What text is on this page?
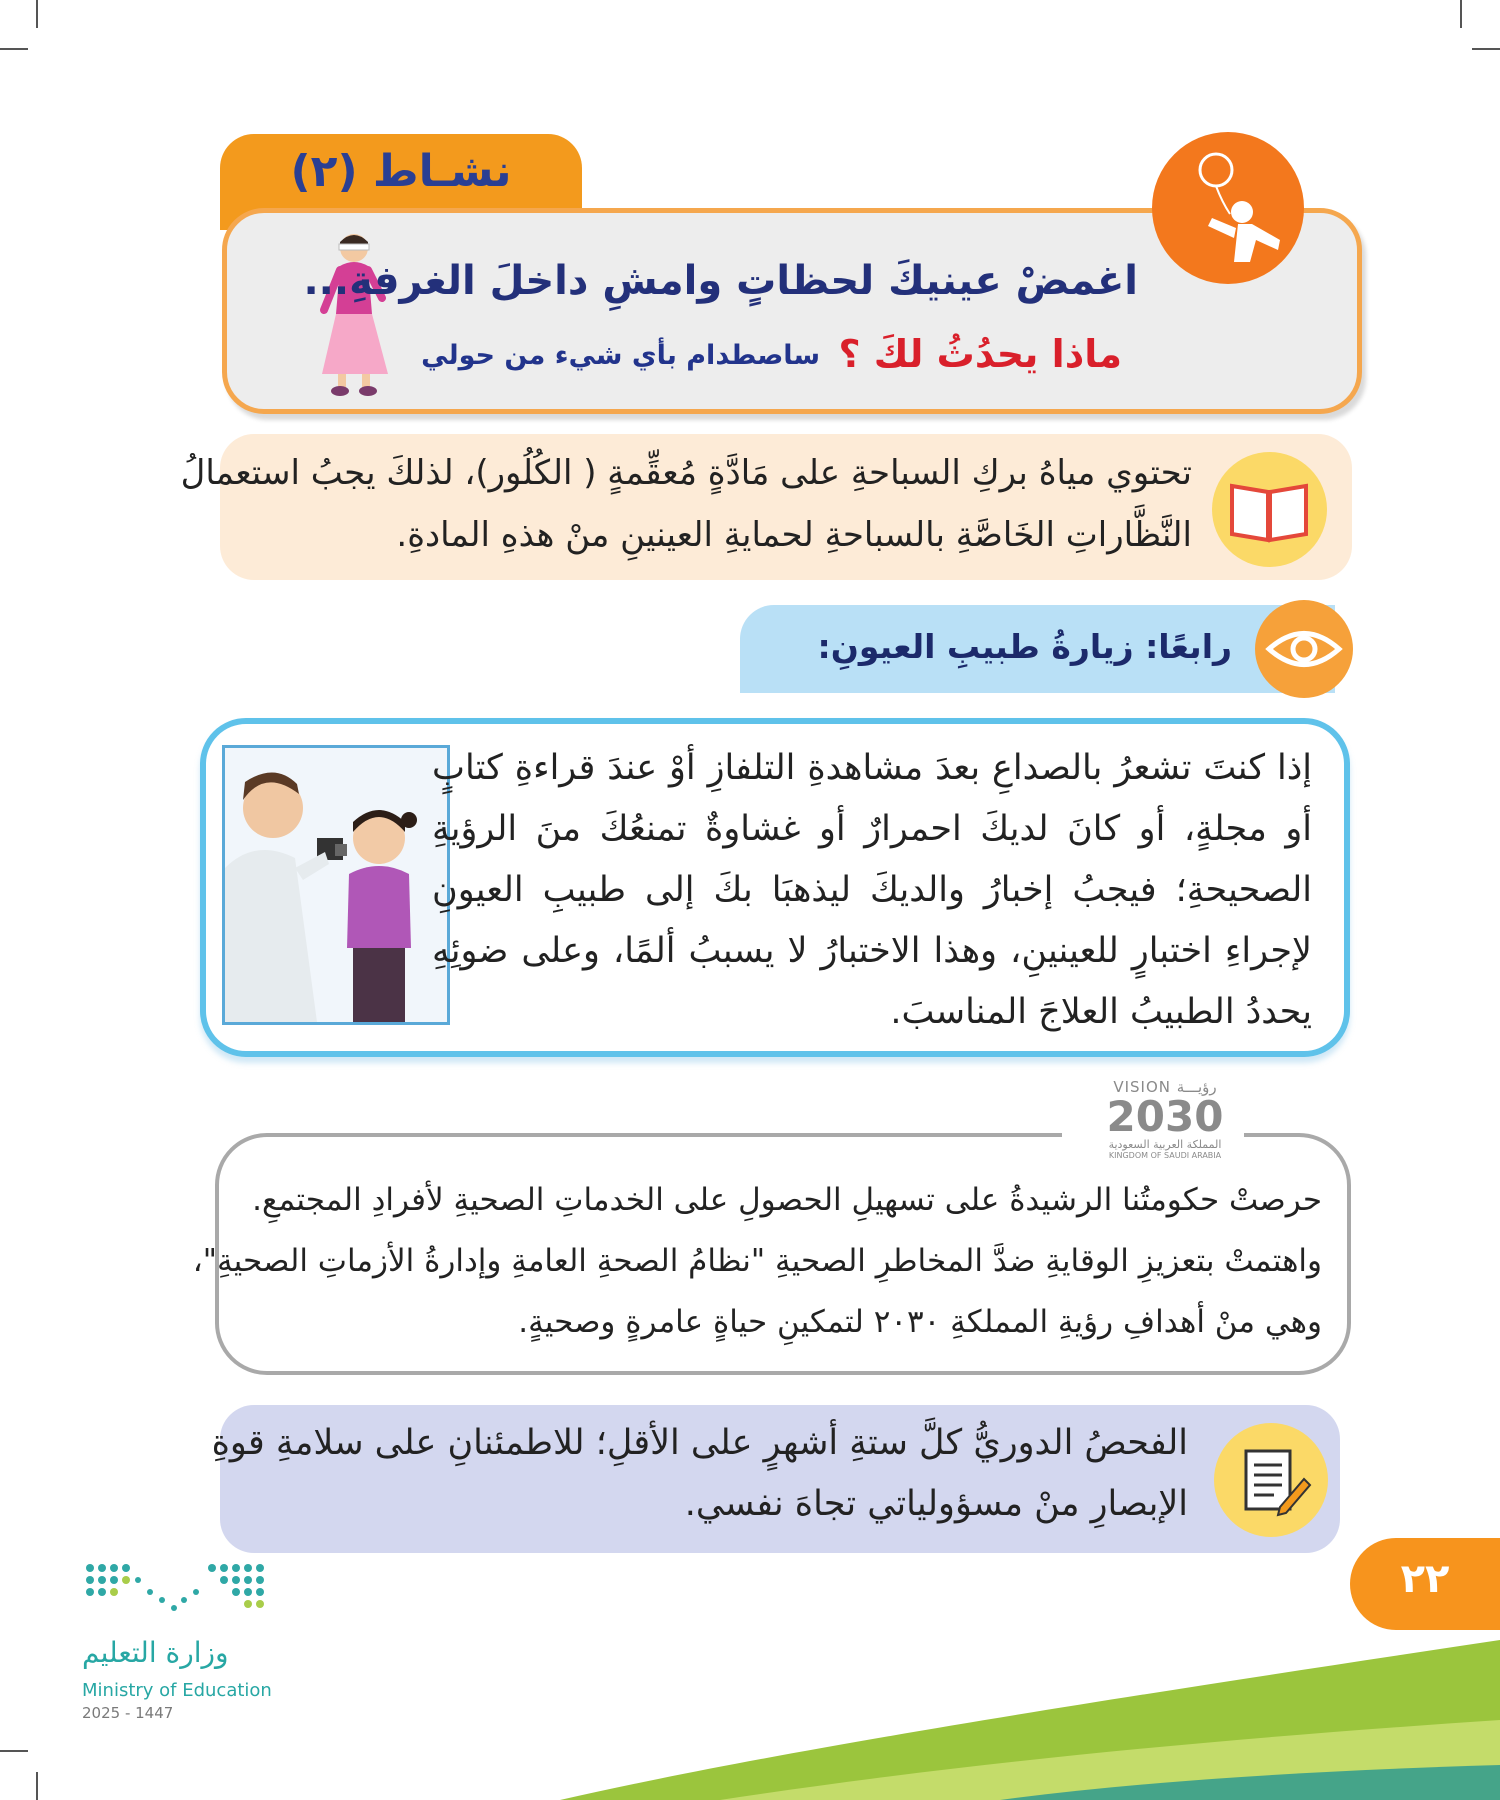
نشـاط (٢)
اغمضْ عينيكَ لحظاتٍ وامشِ داخلَ الغرفةِ...
ماذا يحدُثُ لكَ ؟
ساصطدام بأي شيء من حولي
تحتوي مياهُ بركِ السباحةِ على مَادَّةٍ مُعقِّمةٍ ( الكُلُور)، لذلكَ يجبُ استعمالُ النَّظَّاراتِ الخَاصَّةِ بالسباحةِ لحمايةِ العينينِ منْ هذهِ المادةِ.
رابعًا: زيارةُ طبيبِ العيونِ:
إذا كنتَ تشعرُ بالصداعِ بعدَ مشاهدةِ التلفازِ أوْ عندَ قراءةِ كتابٍ أو مجلةٍ، أو كانَ لديكَ احمرارٌ أو غشاوةٌ تمنعُكَ منَ الرؤيةِ الصحيحةِ؛ فيجبُ إخبارُ والديكَ ليذهبَا بكَ إلى طبيبِ العيونِ لإجراءِ اختبارٍ للعينينِ، وهذا الاختبارُ لا يسببُ ألمًا، وعلى ضوئِهِ يحددُ الطبيبُ العلاجَ المناسبَ.
VISION رؤيـــة
2030
المملكة العربية السعودية
KINGDOM OF SAUDI ARABIA
حرصتْ حكومتُنا الرشيدةُ على تسهيلِ الحصولِ على الخدماتِ الصحيةِ لأفرادِ المجتمعِ.
واهتمتْ بتعزيزِ الوقايةِ ضدَّ المخاطرِ الصحيةِ "نظامُ الصحةِ العامةِ وإدارةُ الأزماتِ الصحيةِ"،
وهي منْ أهدافِ رؤيةِ المملكةِ ٢٠٣٠ لتمكينِ حياةٍ عامرةٍ وصحيةٍ.
الفحصُ الدوريُّ كلَّ ستةِ أشهرٍ على الأقلِ؛ للاطمئنانِ على سلامةِ قوةِ الإبصارِ منْ مسؤولياتي تجاهَ نفسي.
٢٢
وزارة التعليم
Ministry of Education
2025 - 1447
